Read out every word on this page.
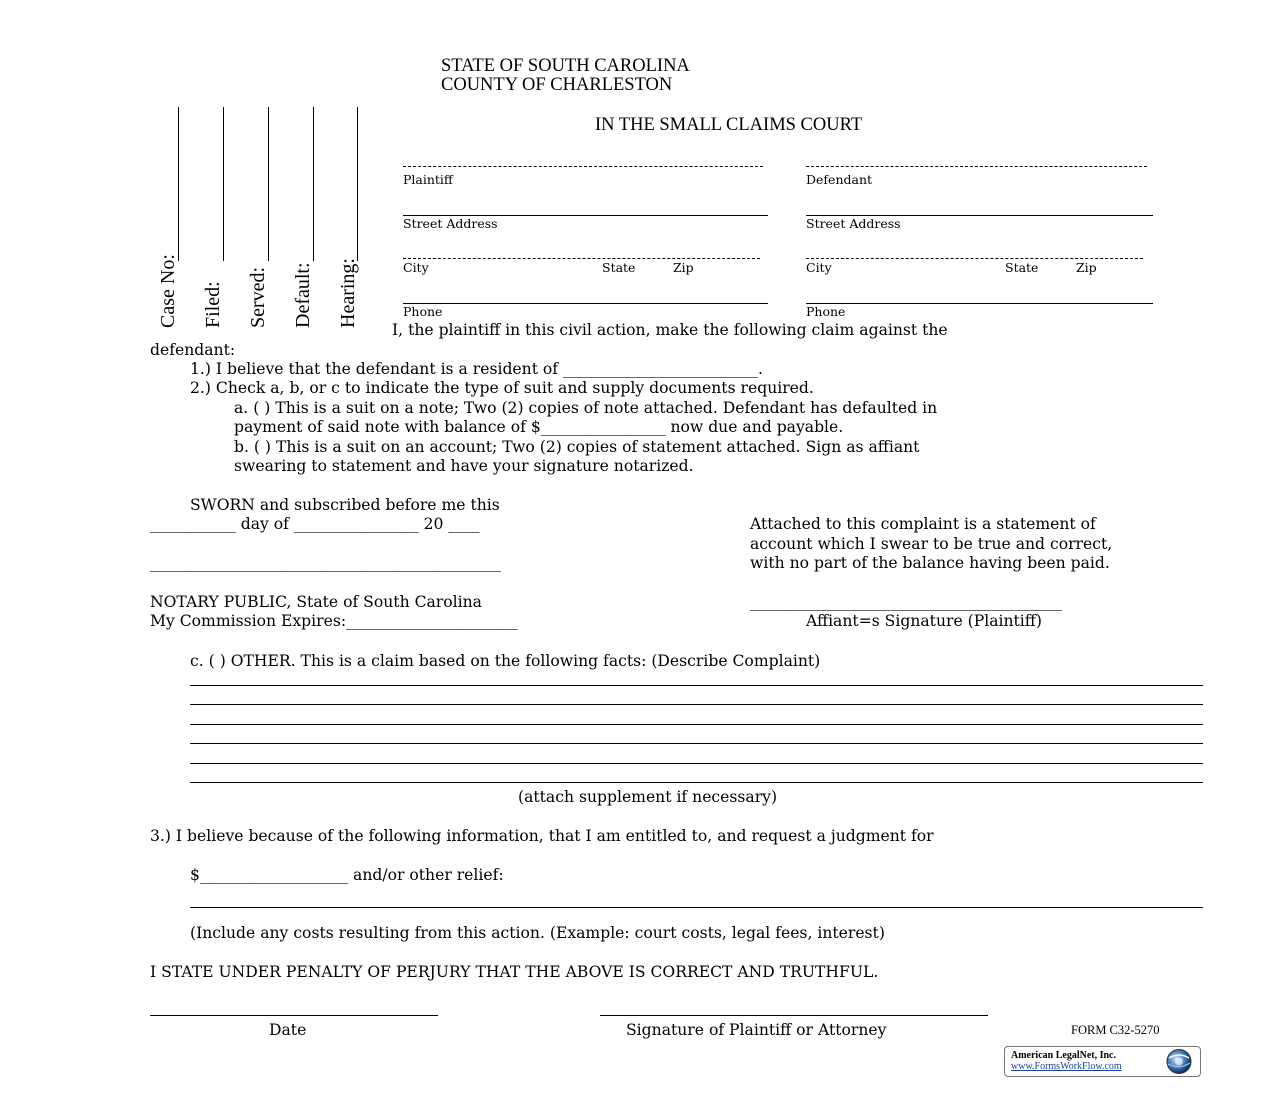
STATE OF SOUTH CAROLINA
COUNTY OF CHARLESTON
IN THE SMALL CLAIMS COURT
Case No: Filed: Served: Default: Hearing:
Plaintiff
Street Address
City	State	Zip
Phone
Defendant
Street Address
City	State	Zip
Phone
I, the plaintiff in this civil action, make the following claim against the
defendant:
1.) I believe that the defendant is a resident of _________________________.
2.) Check a, b, or c to indicate the type of suit and supply documents required.
a. ( ) This is a suit on a note; Two (2) copies of note attached. Defendant has defaulted in
payment of said note with balance of $________________ now due and payable.
b. ( ) This is a suit on an account; Two (2) copies of statement attached. Sign as affiant
swearing to statement and have your signature notarized.
SWORN and subscribed before me this
___________ day of ________________ 20 ____
_____________________________________________
NOTARY PUBLIC, State of South Carolina
My Commission Expires:______________________
Attached to this complaint is a statement of
account which I swear to be true and correct,
with no part of the balance having been paid.
________________________________________
Affiant=s Signature (Plaintiff)
c. ( ) OTHER. This is a claim based on the following facts: (Describe Complaint)
(attach supplement if necessary)
3.) I believe because of the following information, that I am entitled to, and request a judgment for
$___________________ and/or other relief:
(Include any costs resulting from this action. (Example: court costs, legal fees, interest)
I STATE UNDER PENALTY OF PERJURY THAT THE ABOVE IS CORRECT AND TRUTHFUL.
Date	Signature of Plaintiff or Attorney	FORM C32-5270
American LegalNet, Inc.
www.FormsWorkFlow.com
